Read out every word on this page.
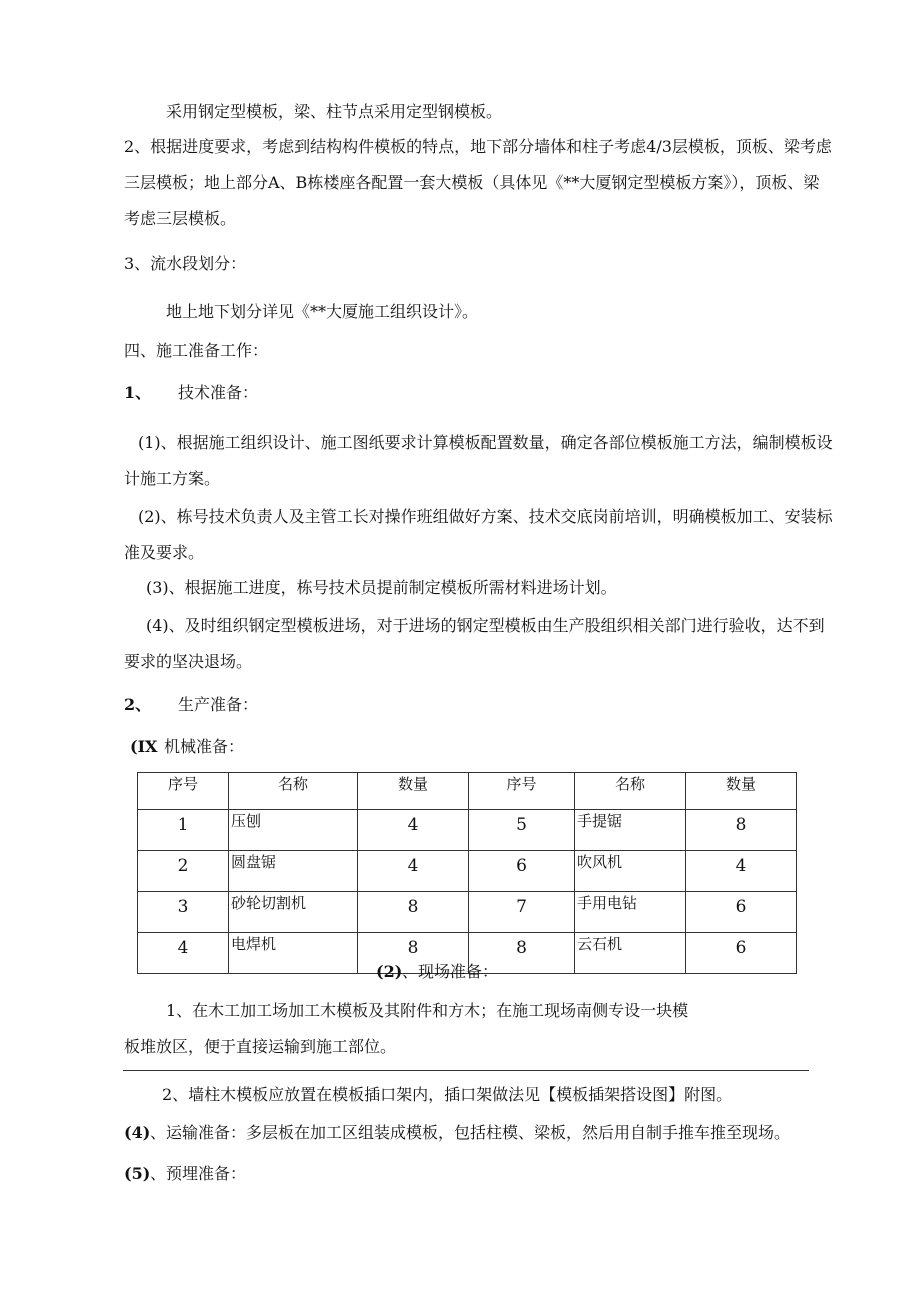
采用钢定型模板，梁、柱节点采用定型钢模板。

2、根据进度要求，考虑到结构构件模板的特点，地下部分墙体和柱子考虑4/3层模板，顶板、梁考虑

三层模板；地上部分A、B栋楼座各配置一套大模板（具体见《**大厦钢定型模板方案》），顶板、梁

考虑三层模板。

3、流水段划分：

地上地下划分详见《**大厦施工组织设计》。

四、施工准备工作：

1、 技术准备：

(1)、根据施工组织设计、施工图纸要求计算模板配置数量，确定各部位模板施工方法，编制模板设

计施工方案。

(2)、栋号技术负责人及主管工长对操作班组做好方案、技术交底岗前培训，明确模板加工、安装标

准及要求。

(3)、根据施工进度，栋号技术员提前制定模板所需材料进场计划。

(4)、及时组织钢定型模板进场，对于进场的钢定型模板由生产股组织相关部门进行验收，达不到

要求的坚决退场。

2、 生产准备：

(IX 机械准备：

序号	名称	数量	序号	名称	数量
1	压刨	4	5	手提锯	8
2	圆盘锯	4	6	吹风机	4
3	砂轮切割机	8	7	手用电钻	6
4	电焊机	8	8	云石机	6

(2) 、现场准备：

1、在木工加工场加工木模板及其附件和方木；在施工现场南侧专设一块模

板堆放区，便于直接运输到施工部位。

2、墙柱木模板应放置在模板插口架内，插口架做法见【模板插架搭设图】附图。

(4) 、运输准备：多层板在加工区组装成模板，包括柱模、梁板，然后用自制手推车推至现场。

(5) 、预埋准备：
